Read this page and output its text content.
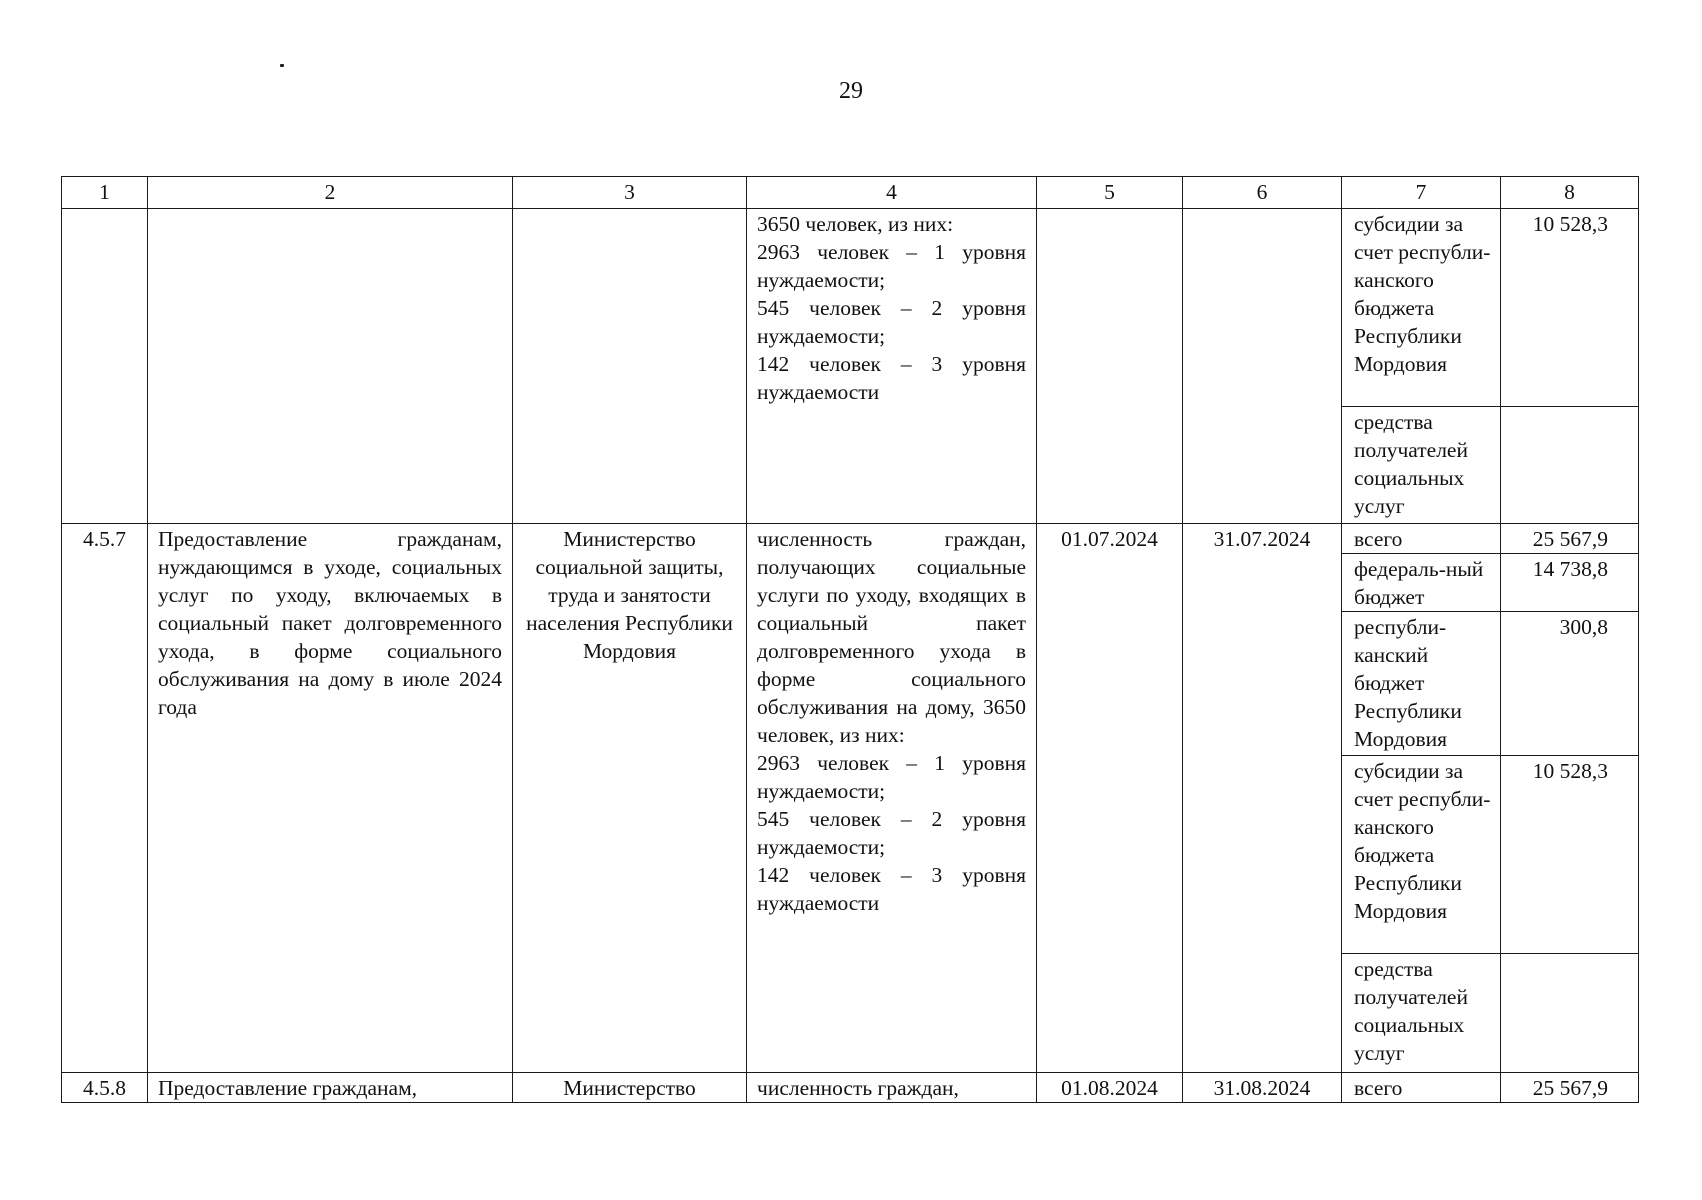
29
1	2	3	4	5	6	7	8

			3650 человек, из них:
2963 человек – 1 уровня нуждаемости;
545 человек – 2 уровня нуждаемости;
142 человек – 3 уровня нуждаемости			субсидии за счет республи-канского бюджета Республики Мордовия	10 528,3
						средства получателей социальных услуг	
4.5.7	Предоставление гражданам, нуждающимся в уходе, социальных услуг по уходу, включаемых в социальный пакет долговременного ухода, в форме социального обслуживания на дому в июле 2024 года	Министерство социальной защиты, труда и занятости населения Республики Мордовия	численность граждан, получающих социальные услуги по уходу, входящих в социальный пакет долговременного ухода в форме социального обслуживания на дому, 3650 человек, из них:
2963 человек – 1 уровня нуждаемости;
545 человек – 2 уровня нуждаемости;
142 человек – 3 уровня нуждаемости	01.07.2024	31.07.2024	всего	25 567,9
						федераль-ный бюджет	14 738,8
						республи-канский бюджет Республики Мордовия	300,8
						субсидии за счет республи-канского бюджета Республики Мордовия	10 528,3
						средства получателей социальных услуг	
4.5.8	Предоставление гражданам,	Министерство	численность граждан,	01.08.2024	31.08.2024	всего	25 567,9
